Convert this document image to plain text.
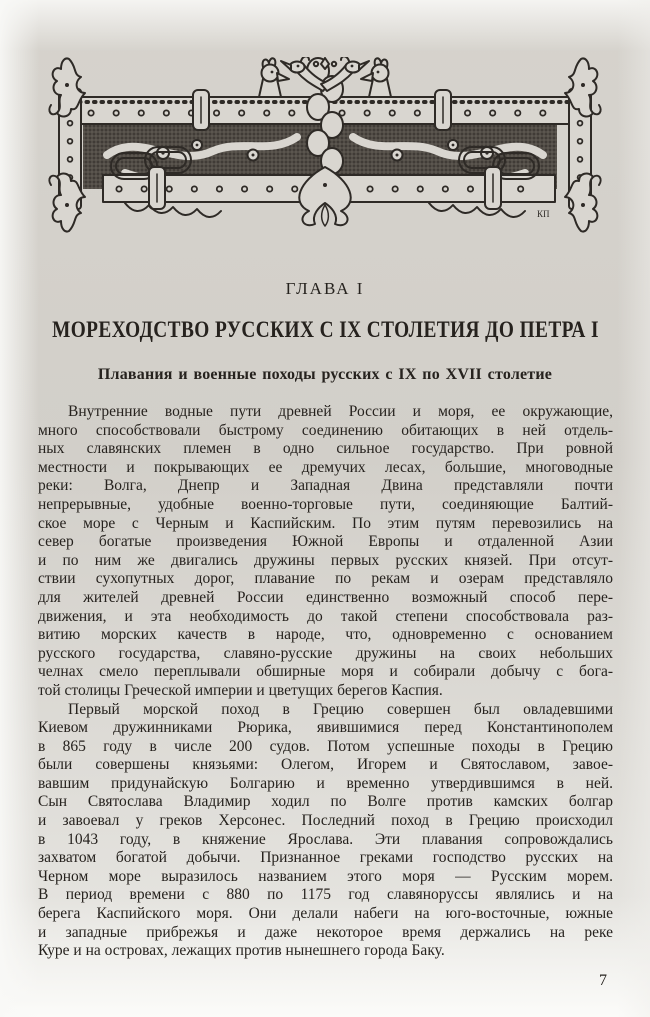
КП
ГЛАВА I
МОРЕХОДСТВО РУССКИХ С IX СТОЛЕТИЯ ДО ПЕТРА I
Плавания и военные походы русских с IX по XVII столетие
Внутренние водные пути древней России и моря, ее окружающие,
много способствовали быстрому соединению обитающих в ней отдель-
ных славянских племен в одно сильное государство. При ровной
местности и покрывающих ее дремучих лесах, большие, многоводные
реки: Волга, Днепр и Западная Двина представляли почти
непрерывные, удобные военно-торговые пути, соединяющие Балтий-
ское море с Черным и Каспийским. По этим путям перевозились на
север богатые произведения Южной Европы и отдаленной Азии
и по ним же двигались дружины первых русских князей. При отсут-
ствии сухопутных дорог, плавание по рекам и озерам представляло
для жителей древней России единственно возможный способ пере-
движения, и эта необходимость до такой степени способствовала раз-
витию морских качеств в народе, что, одновременно с основанием
русского государства, славяно-русские дружины на своих небольших
челнах смело переплывали обширные моря и собирали добычу с бога-
той столицы Греческой империи и цветущих берегов Каспия.
Первый морской поход в Грецию совершен был овладевшими
Киевом дружинниками Рюрика, явившимися перед Константинополем
в 865 году в числе 200 судов. Потом успешные походы в Грецию
были совершены князьями: Олегом, Игорем и Святославом, завое-
вавшим придунайскую Болгарию и временно утвердившимся в ней.
Сын Святослава Владимир ходил по Волге против камских болгар
и завоевал у греков Херсонес. Последний поход в Грецию происходил
в 1043 году, в княжение Ярослава. Эти плавания сопровождались
захватом богатой добычи. Признанное греками господство русских на
Черном море выразилось названием этого моря — Русским морем.
В период времени с 880 по 1175 год славяноруссы являлись и на
берега Каспийского моря. Они делали набеги на юго-восточные, южные
и западные прибрежья и даже некоторое время держались на реке
Куре и на островах, лежащих против нынешнего города Баку.
7
